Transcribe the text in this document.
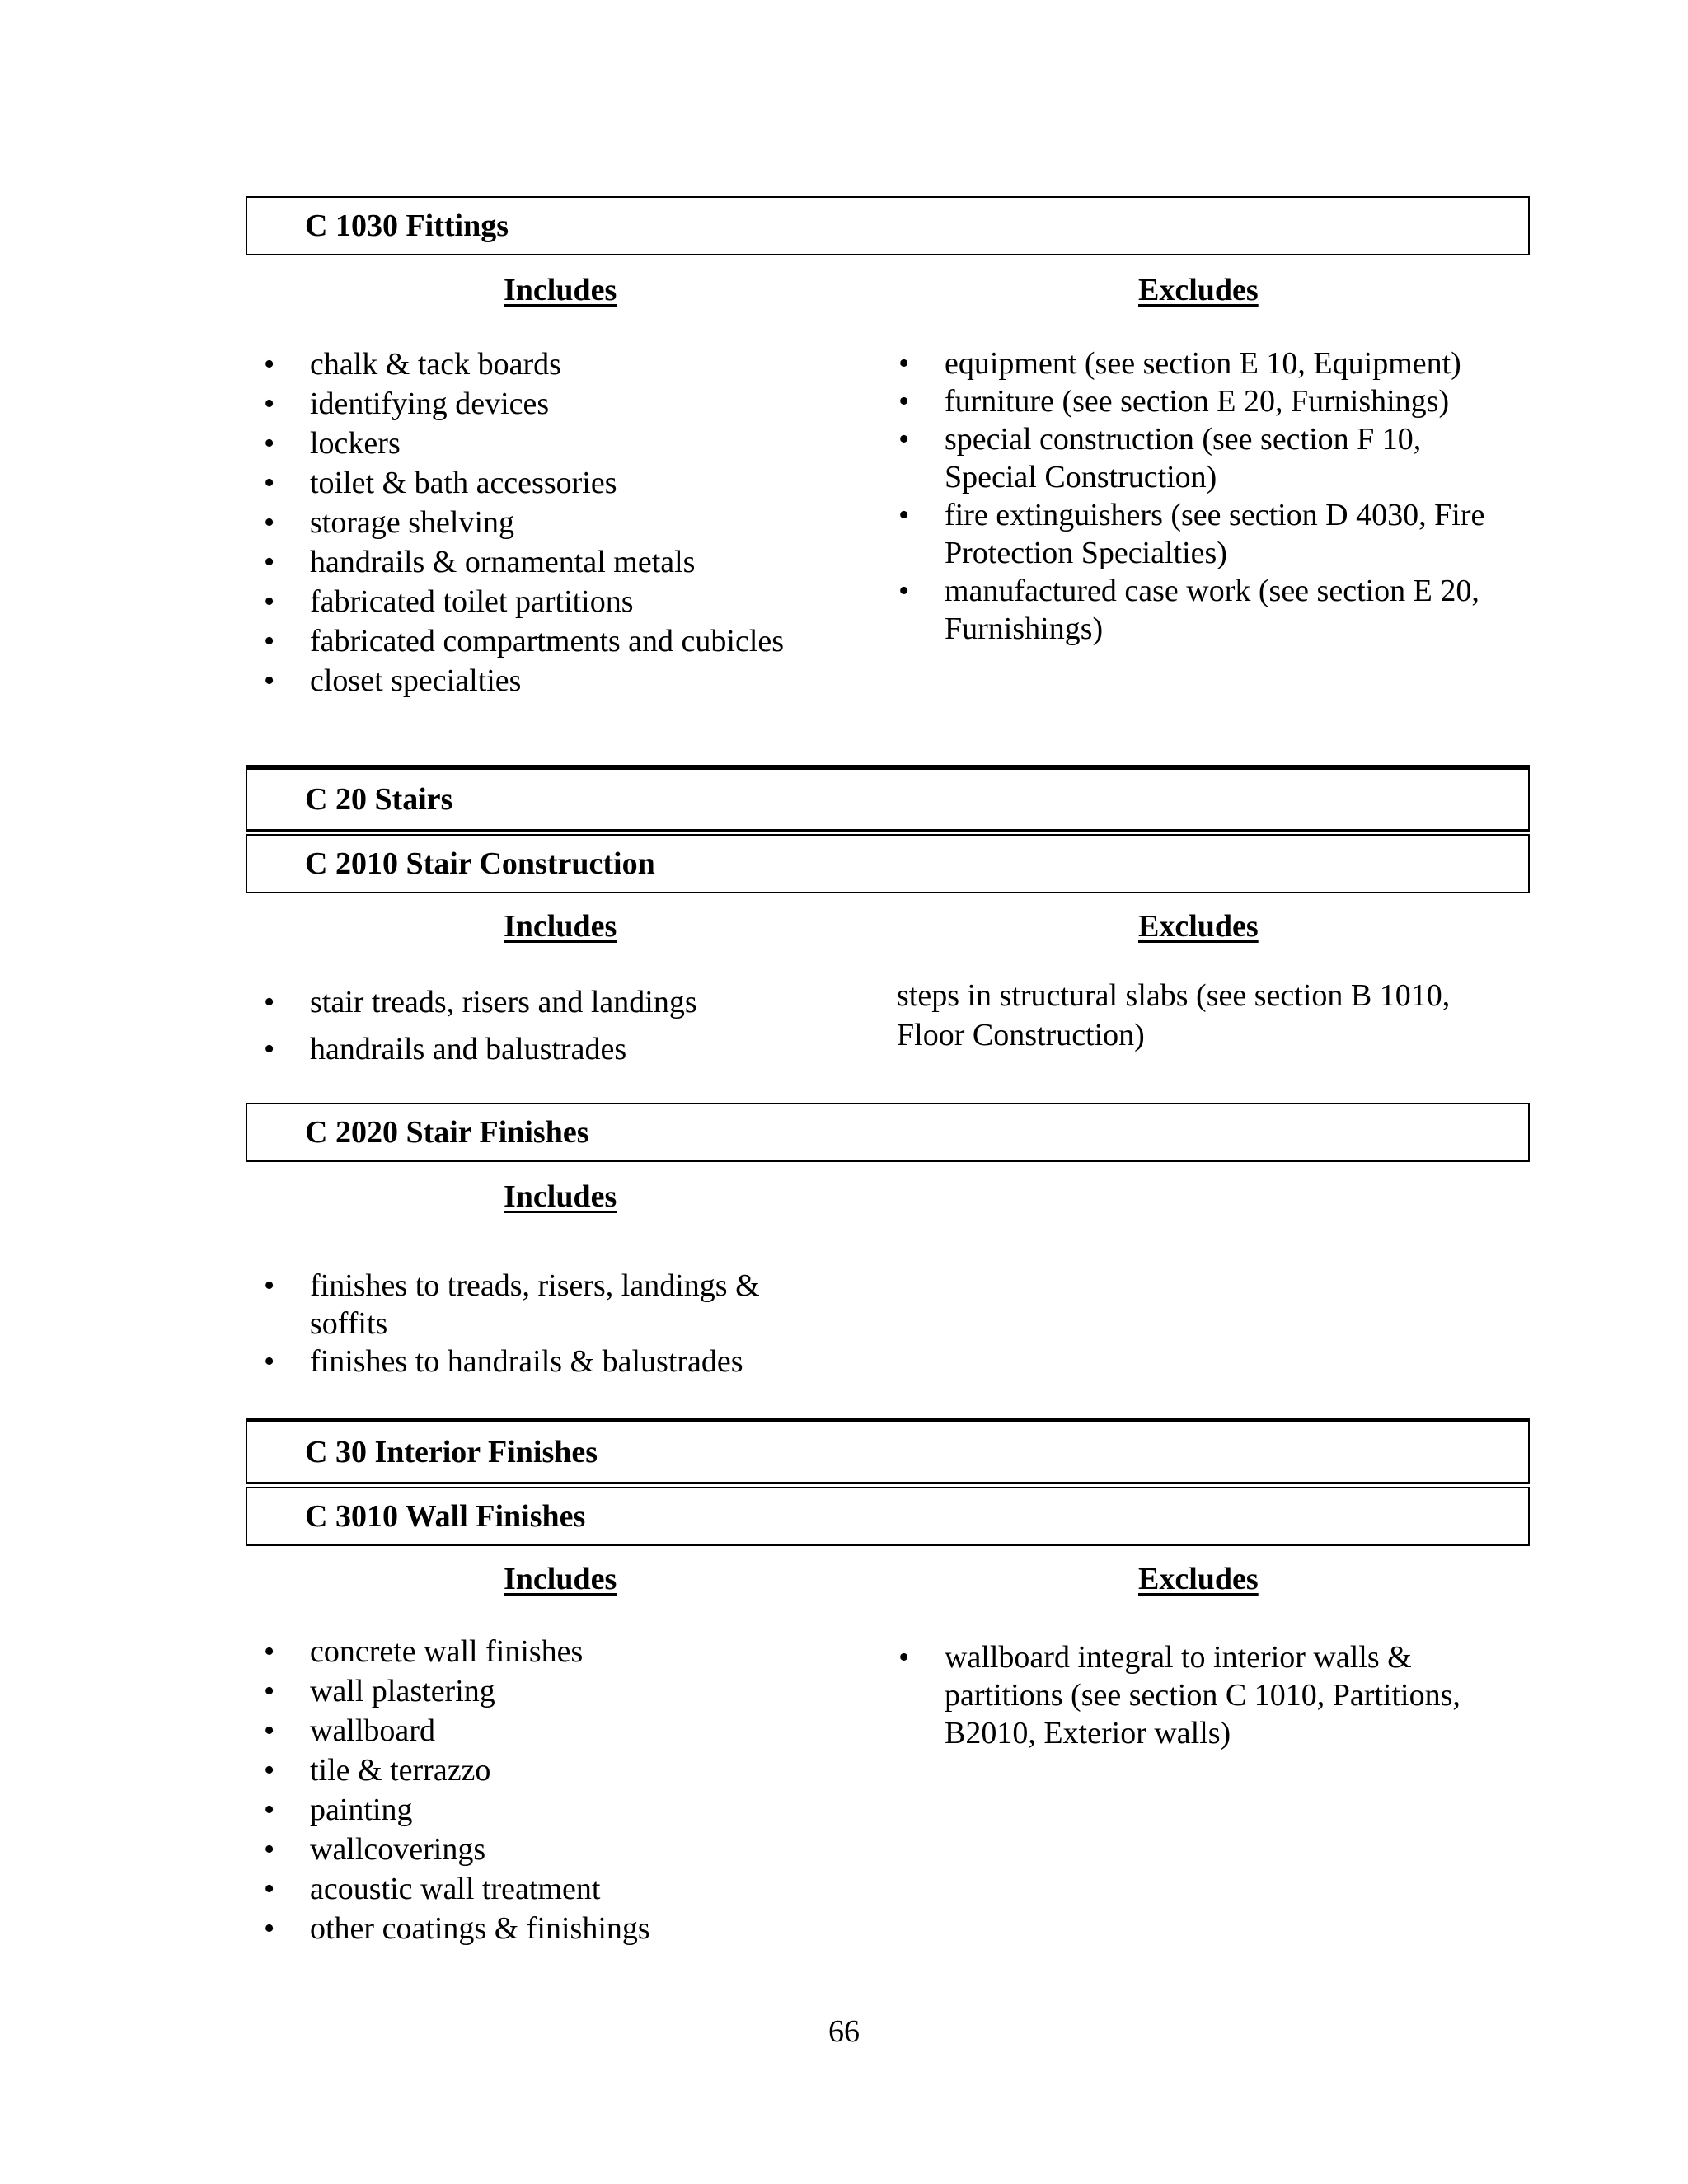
C 1030 Fittings
Includes	Excludes
• chalk & tack boards
• identifying devices
• lockers
• toilet & bath accessories
• storage shelving
• handrails & ornamental metals
• fabricated toilet partitions
• fabricated compartments and cubicles
• closet specialties
• equipment (see section E 10, Equipment)
• furniture (see section E 20, Furnishings)
• special construction (see section F 10, Special Construction)
• fire extinguishers (see section D 4030, Fire Protection Specialties)
• manufactured case work (see section E 20, Furnishings)
C 20 Stairs
C 2010 Stair Construction
Includes	Excludes
• stair treads, risers and landings
• handrails and balustrades
steps in structural slabs (see section B 1010, Floor Construction)
C 2020 Stair Finishes
Includes
• finishes to treads, risers, landings & soffits
• finishes to handrails & balustrades
C 30 Interior Finishes
C 3010 Wall Finishes
Includes	Excludes
• concrete wall finishes
• wall plastering
• wallboard
• tile & terrazzo
• painting
• wallcoverings
• acoustic wall treatment
• other coatings & finishings
• wallboard integral to interior walls & partitions (see section C 1010, Partitions, B2010, Exterior walls)
66
